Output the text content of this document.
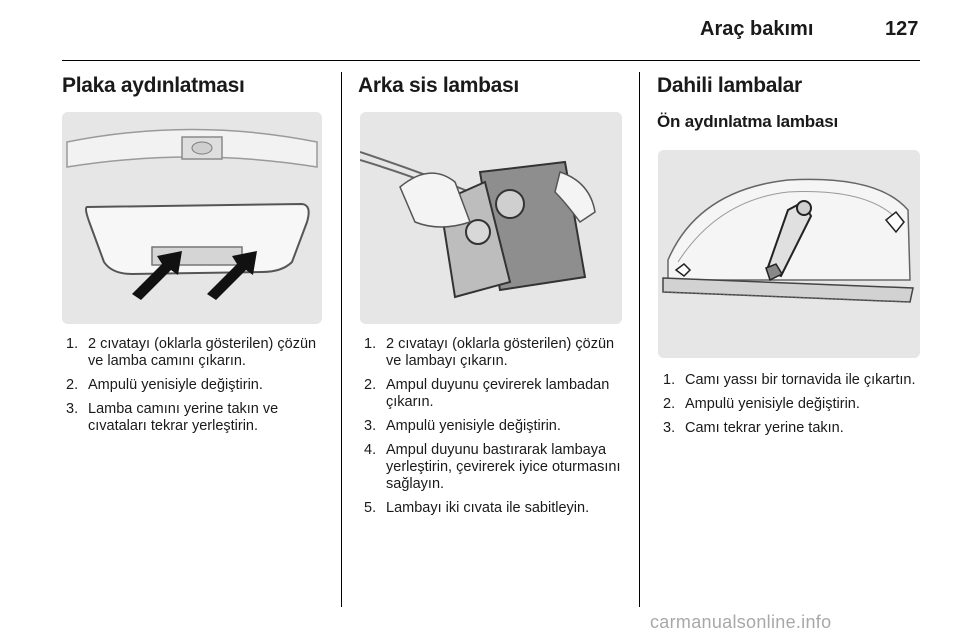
Araç bakımı	127
Plaka aydınlatması
1. 2 cıvatayı (oklarla gösterilen) çözün ve lamba camını çıkarın.
2. Ampulü yenisiyle değiştirin.
3. Lamba camını yerine takın ve cıvataları tekrar yerleştirin.
Arka sis lambası
1. 2 cıvatayı (oklarla gösterilen) çözün ve lambayı çıkarın.
2. Ampul duyunu çevirerek lambadan çıkarın.
3. Ampulü yenisiyle değiştirin.
4. Ampul duyunu bastırarak lambaya yerleştirin, çevirerek iyice oturmasını sağlayın.
5. Lambayı iki cıvata ile sabitleyin.
Dahili lambalar
Ön aydınlatma lambası
1. Camı yassı bir tornavida ile çıkartın.
2. Ampulü yenisiyle değiştirin.
3. Camı tekrar yerine takın.
carmanualsonline.info
